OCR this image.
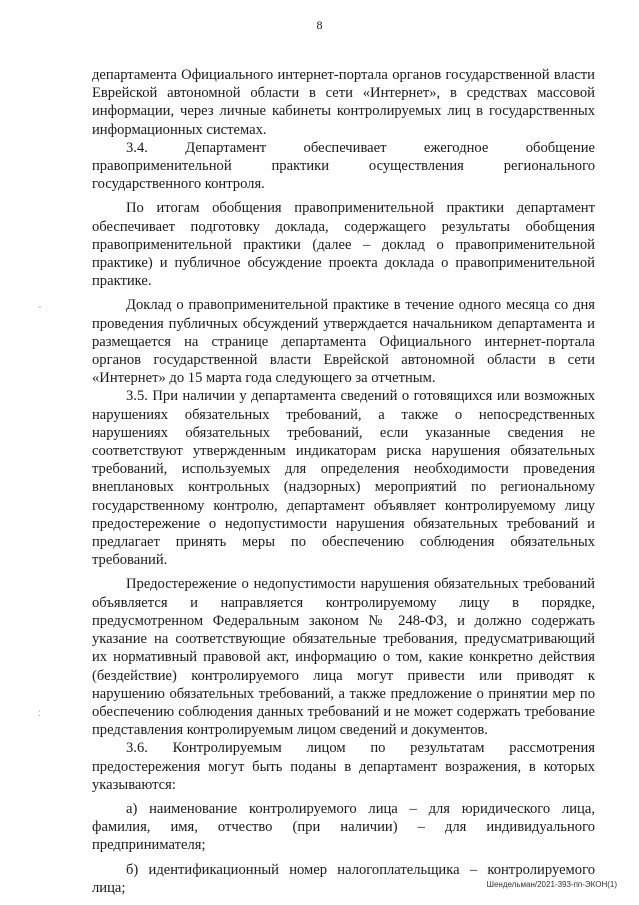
8

департамента Официального интернет-портала органов государственной власти Еврейской автономной области в сети «Интернет», в средствах массовой информации, через личные кабинеты контролируемых лиц в государственных информационных системах.

3.4. Департамент обеспечивает ежегодное обобщение правоприменительной практики осуществления регионального государственного контроля.

По итогам обобщения правоприменительной практики департамент обеспечивает подготовку доклада, содержащего результаты обобщения правоприменительной практики (далее – доклад о правоприменительной практике) и публичное обсуждение проекта доклада о правоприменительной практике.

Доклад о правоприменительной практике в течение одного месяца со дня проведения публичных обсуждений утверждается начальником департамента и размещается на странице департамента Официального интернет-портала органов государственной власти Еврейской автономной области в сети «Интернет» до 15 марта года следующего за отчетным.

3.5. При наличии у департамента сведений о готовящихся или возможных нарушениях обязательных требований, а также о непосредственных нарушениях обязательных требований, если указанные сведения не соответствуют утвержденным индикаторам риска нарушения обязательных требований, используемых для определения необходимости проведения внеплановых контрольных (надзорных) мероприятий по региональному государственному контролю, департамент объявляет контролируемому лицу предостережение о недопустимости нарушения обязательных требований и предлагает принять меры по обеспечению соблюдения обязательных требований.

Предостережение о недопустимости нарушения обязательных требований объявляется и направляется контролируемому лицу в порядке, предусмотренном Федеральным законом № 248-ФЗ, и должно содержать указание на соответствующие обязательные требования, предусматривающий их нормативный правовой акт, информацию о том, какие конкретно действия (бездействие) контролируемого лица могут привести или приводят к нарушению обязательных требований, а также предложение о принятии мер по обеспечению соблюдения данных требований и не может содержать требование представления контролируемым лицом сведений и документов.

3.6. Контролируемым лицом по результатам рассмотрения предостережения могут быть поданы в департамент возражения, в которых указываются:

а) наименование контролируемого лица – для юридического лица, фамилия, имя, отчество (при наличии) – для индивидуального предпринимателя;

б) идентификационный номер налогоплательщика – контролируемого лица;

-
:
Шендельман/2021-393-пп-ЭКОН(1)
